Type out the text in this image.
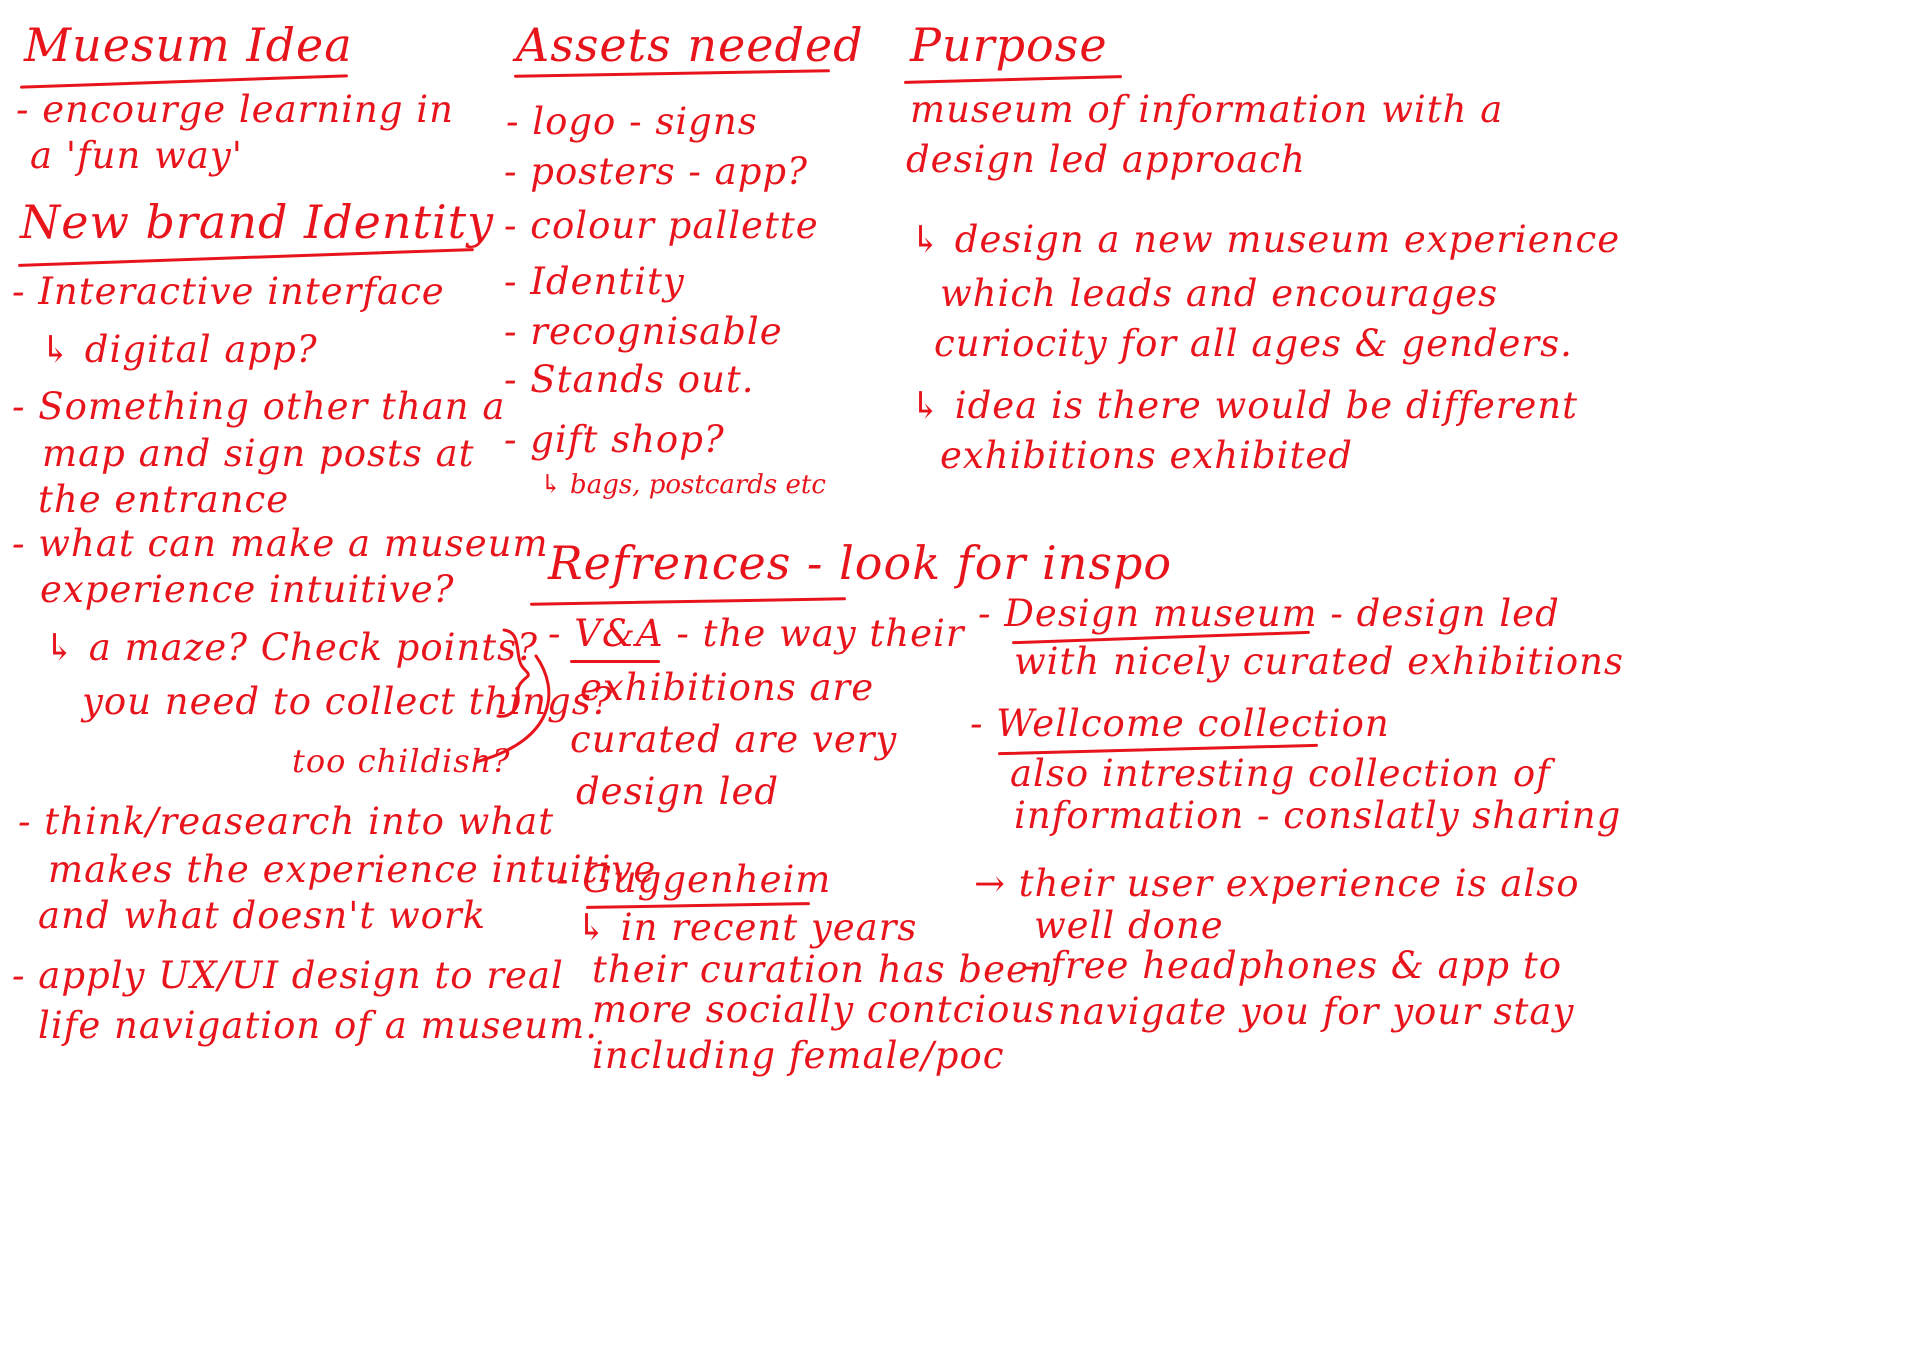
Muesum Idea

- encourge learning in

a 'fun way'

New brand Identity

- Interactive interface

↳ digital app?

- Something other than a

map and sign posts at

the entrance

- what can make a museum

experience intuitive?

↳ a maze? Check points?

you need to collect things?

too childish?

- think/reasearch into what

makes the experience intuitive

and what doesn't work

- apply UX/UI design to real

life navigation of a museum.

Assets needed

- logo - signs

- posters - app?

- colour pallette

- Identity

- recognisable

- Stands out.

- gift shop?

↳ bags, postcards etc

Purpose

museum of information with a

design led approach

↳ design a new museum experience

which leads and encourages

curiocity for all ages & genders.

↳ idea is there would be different

exhibitions exhibited

Refrences - look for inspo

- V&A - the way their

exhibitions are

curated are very

design led

- Guggenheim

↳ in recent years

their curation has been

more socially contcious

including female/poc

- Design museum - design led

with nicely curated exhibitions

- Wellcome collection

also intresting collection of

information - conslatly sharing

→ their user experience is also

well done

- free headphones & app to

navigate you for your stay
